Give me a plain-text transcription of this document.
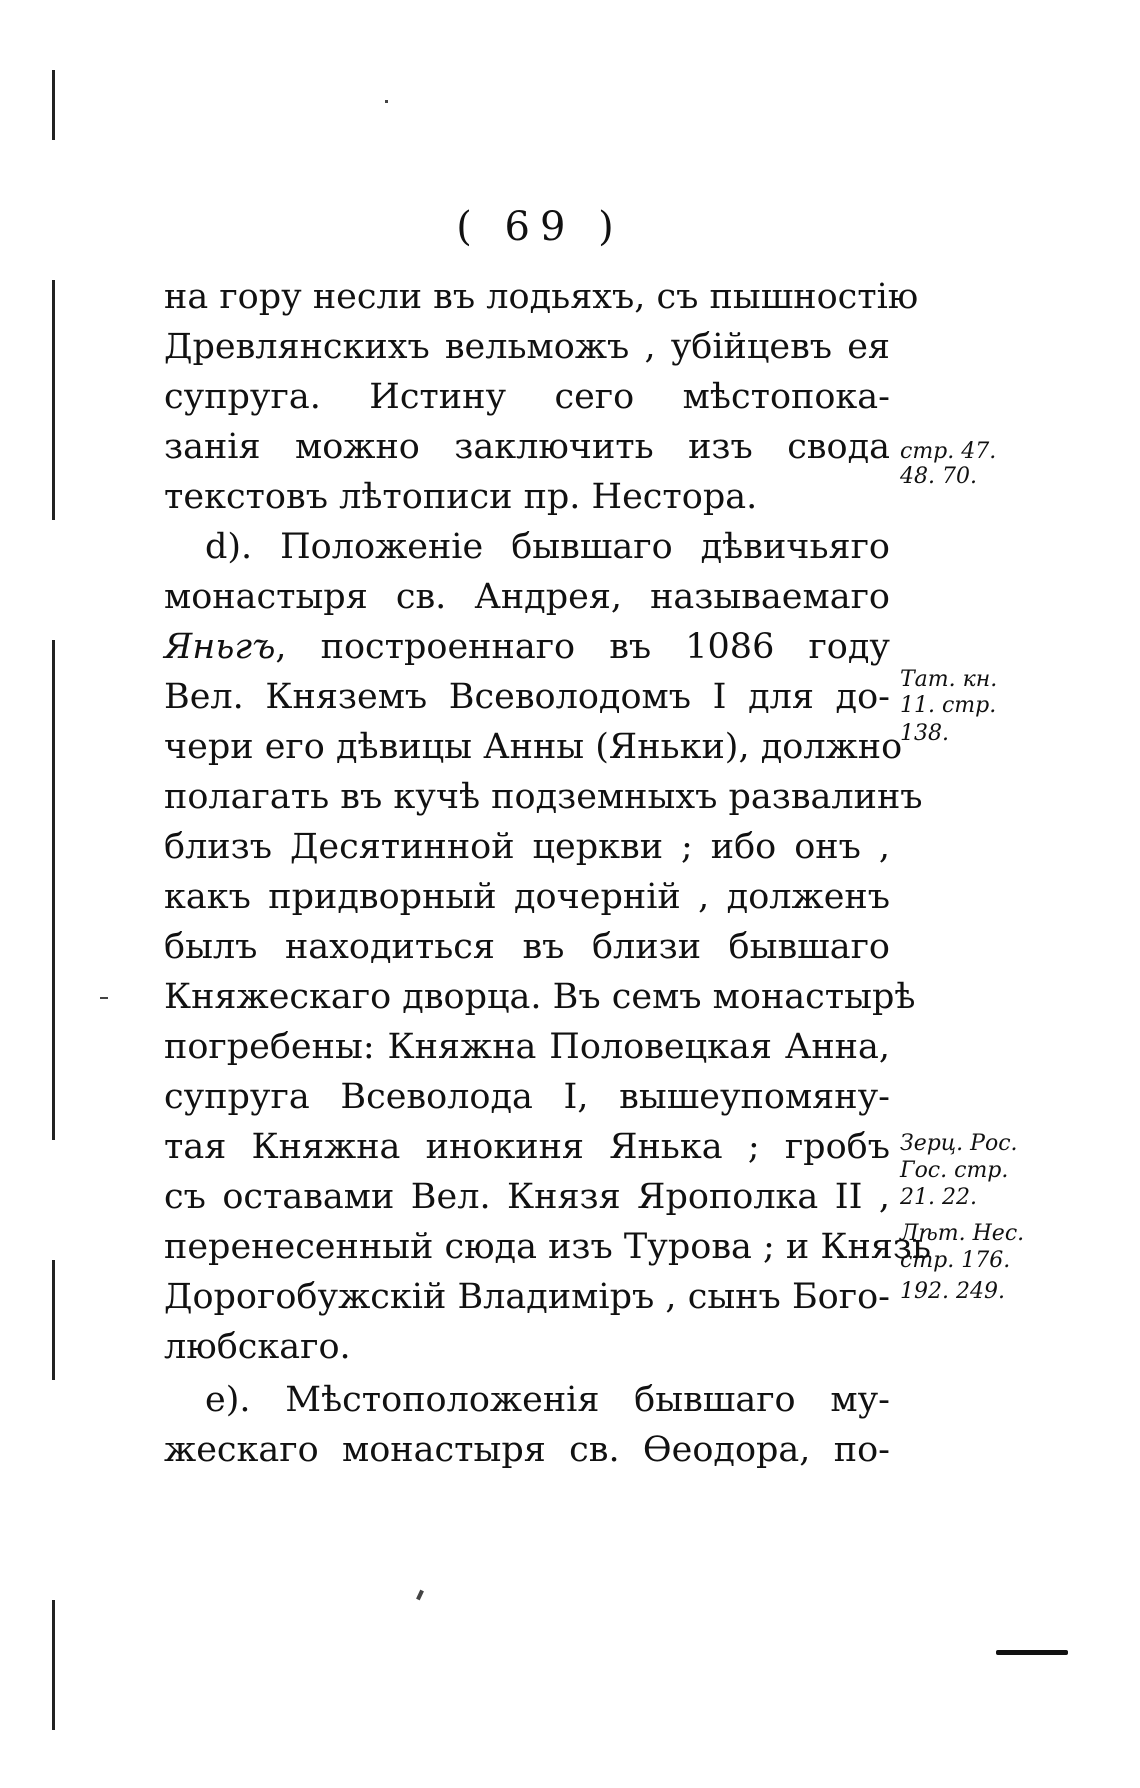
( 69 )
на гору несли въ лодьяхъ, съ пышностію
Древлянскихъ вельможъ , убійцевъ ея
супруга. Истину сего мѣстопока-
занія можно заключить изъ свода
текстовъ лѣтописи пр. Нестора.
d). Положеніе бывшаго дѣвичьяго
монастыря св. Андрея, называемаго
Яньгъ, построеннаго въ 1086 году
Вел. Княземъ Всеволодомъ I для до-
чери его дѣвицы Анны (Яньки), должно
полагать въ кучѣ подземныхъ развалинъ
близъ Десятинной церкви ; ибо онъ ,
какъ придворный дочерній , долженъ
былъ находиться въ близи бывшаго
Княжескаго дворца. Въ семъ монастырѣ
погребены: Княжна Половецкая Анна,
супруга Всеволода I, вышеупомяну-
тая Княжна инокиня Янька ; гробъ
съ оставами Вел. Князя Ярополка II ,
перенесенный сюда изъ Турова ; и Князь
Дорогобужскій Владиміръ , сынъ Бого-
любскаго.
е). Мѣстоположенія бывшаго му-
жескаго монастыря св. Ѳеодора, по-
стр. 47.
48. 70.
Тат. кн.
11. стр.
138.
Зерц. Рос.
Гос. стр.
21. 22.
Лѣт. Нес.
стр. 176.
192. 249.
